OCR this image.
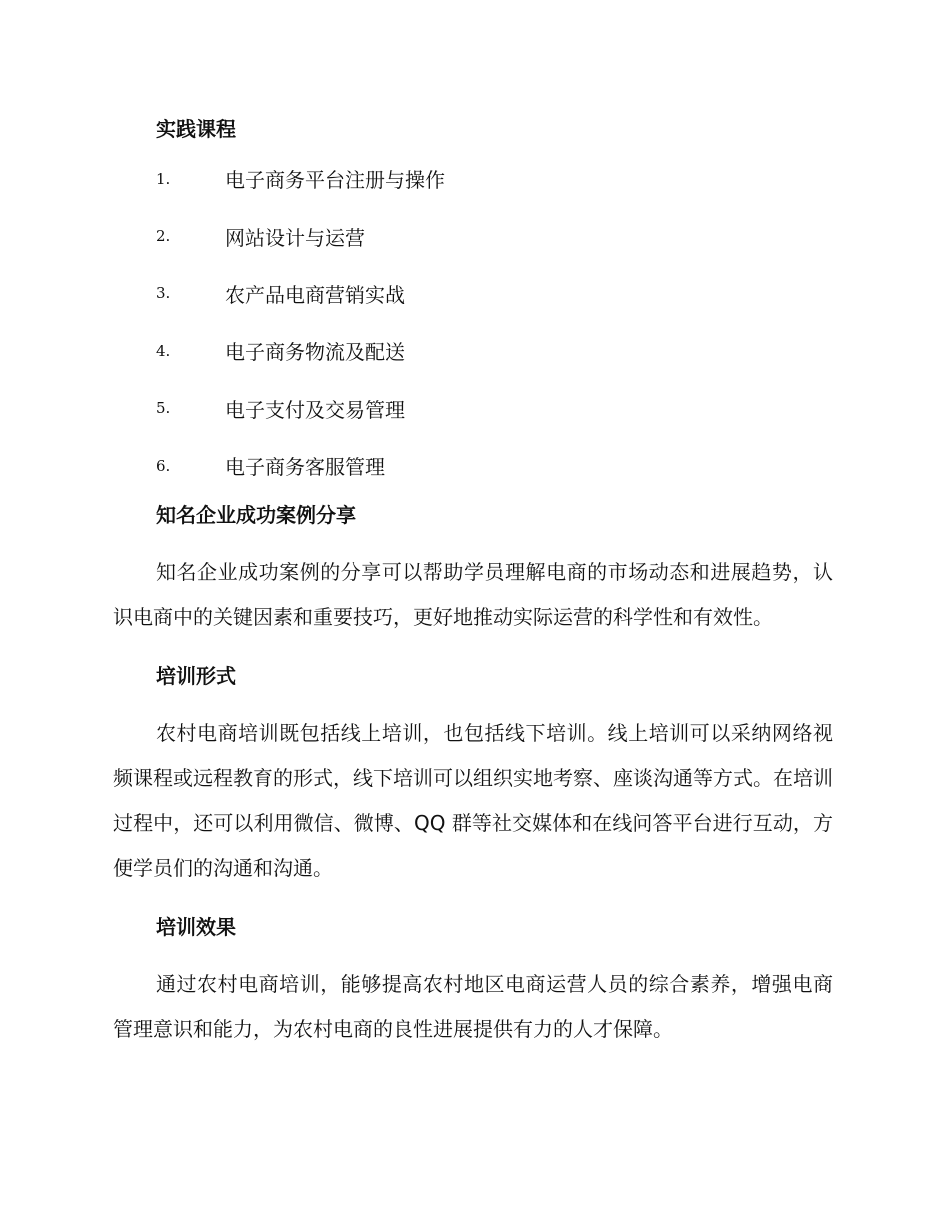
实践课程
1.	电子商务平台注册与操作
2.	网站设计与运营
3.	农产品电商营销实战
4.	电子商务物流及配送
5.	电子支付及交易管理
6.	电子商务客服管理
知名企业成功案例分享

知名企业成功案例的分享可以帮助学员理解电商的市场动态和进展趋势，认识电商中的关键因素和重要技巧，更好地推动实际运营的科学性和有效性。

培训形式

农村电商培训既包括线上培训，也包括线下培训。线上培训可以采纳网络视频课程或远程教育的形式，线下培训可以组织实地考察、座谈沟通等方式。在培训过程中，还可以利用微信、微博、QQ 群等社交媒体和在线问答平台进行互动，方便学员们的沟通和沟通。

培训效果

通过农村电商培训，能够提高农村地区电商运营人员的综合素养，增强电商管理意识和能力，为农村电商的良性进展提供有力的人才保障。
